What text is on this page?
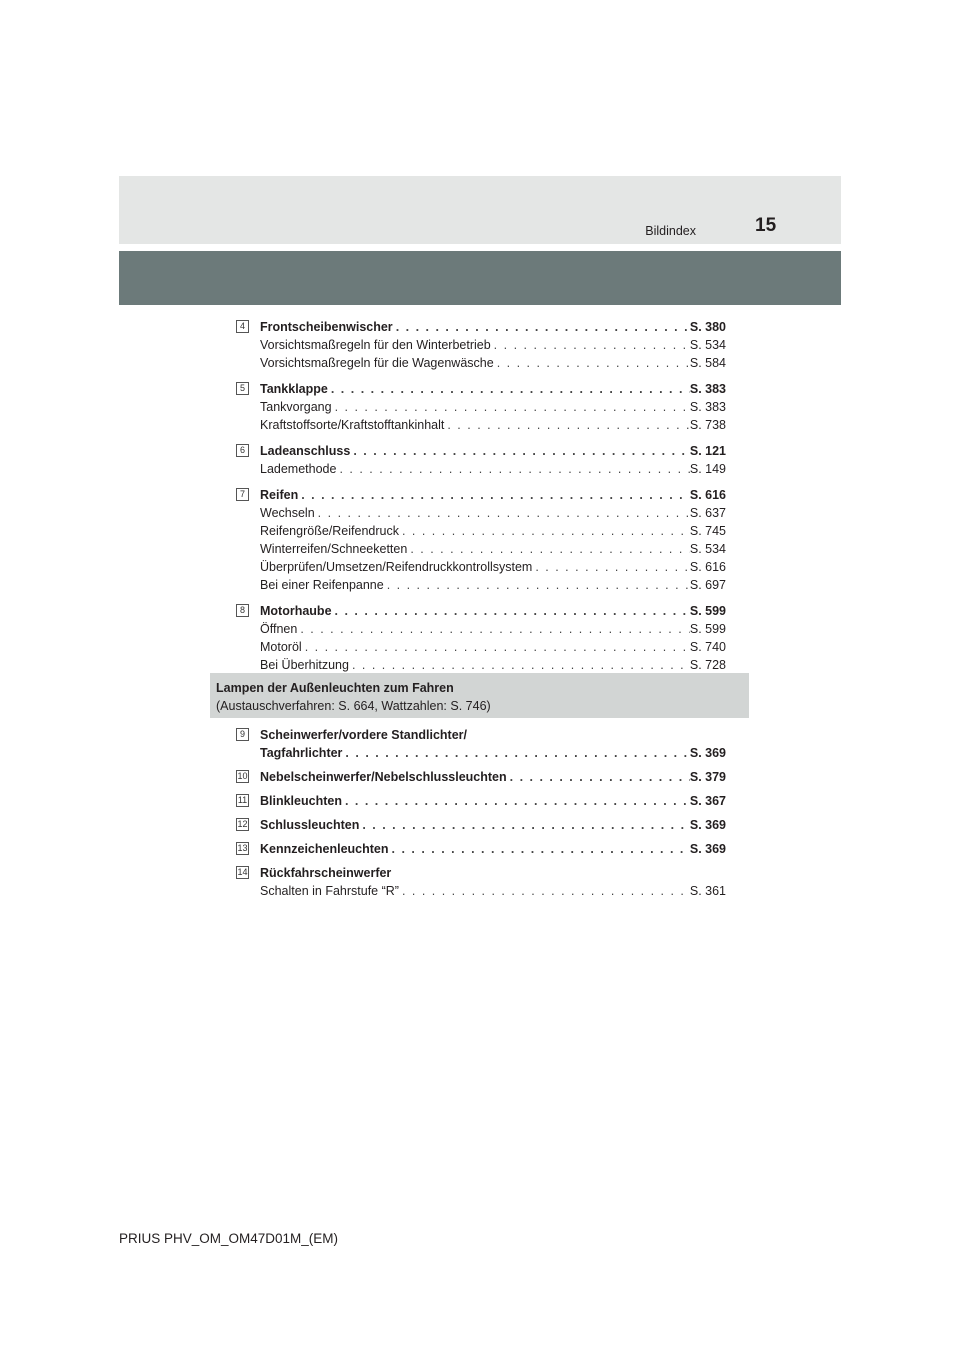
Bildindex	15
4	Frontscheibenwischer . . .	S. 380
Vorsichtsmaßregeln für den Winterbetrieb . . .	S. 534
Vorsichtsmaßregeln für die Wagenwäsche . . .	S. 584
5	Tankklappe . . .	S. 383
Tankvorgang . . .	S. 383
Kraftstoffsorte/Kraftstofftankinhalt . . .	S. 738
6	Ladeanschluss . . .	S. 121
Lademethode . . .	S. 149
7	Reifen . . .	S. 616
Wechseln . . .	S. 637
Reifengröße/Reifendruck . . .	S. 745
Winterreifen/Schneeketten . . .	S. 534
Überprüfen/Umsetzen/Reifendruckkontrollsystem . . .	S. 616
Bei einer Reifenpanne . . .	S. 697
8	Motorhaube . . .	S. 599
Öffnen . . .	S. 599
Motoröl . . .	S. 740
Bei Überhitzung . . .	S. 728
Lampen der Außenleuchten zum Fahren
(Austauschverfahren: S. 664, Wattzahlen: S. 746)
9	Scheinwerfer/vordere Standlichter/
Tagfahrlichter . . .	S. 369
10 Nebelscheinwerfer/Nebelschlussleuchten . . .	S. 379
11 Blinkleuchten . . .	S. 367
12 Schlussleuchten . . .	S. 369
13 Kennzeichenleuchten . . .	S. 369
14 Rückfahrscheinwerfer
Schalten in Fahrstufe “R” . . .	S. 361
PRIUS PHV_OM_OM47D01M_(EM)
